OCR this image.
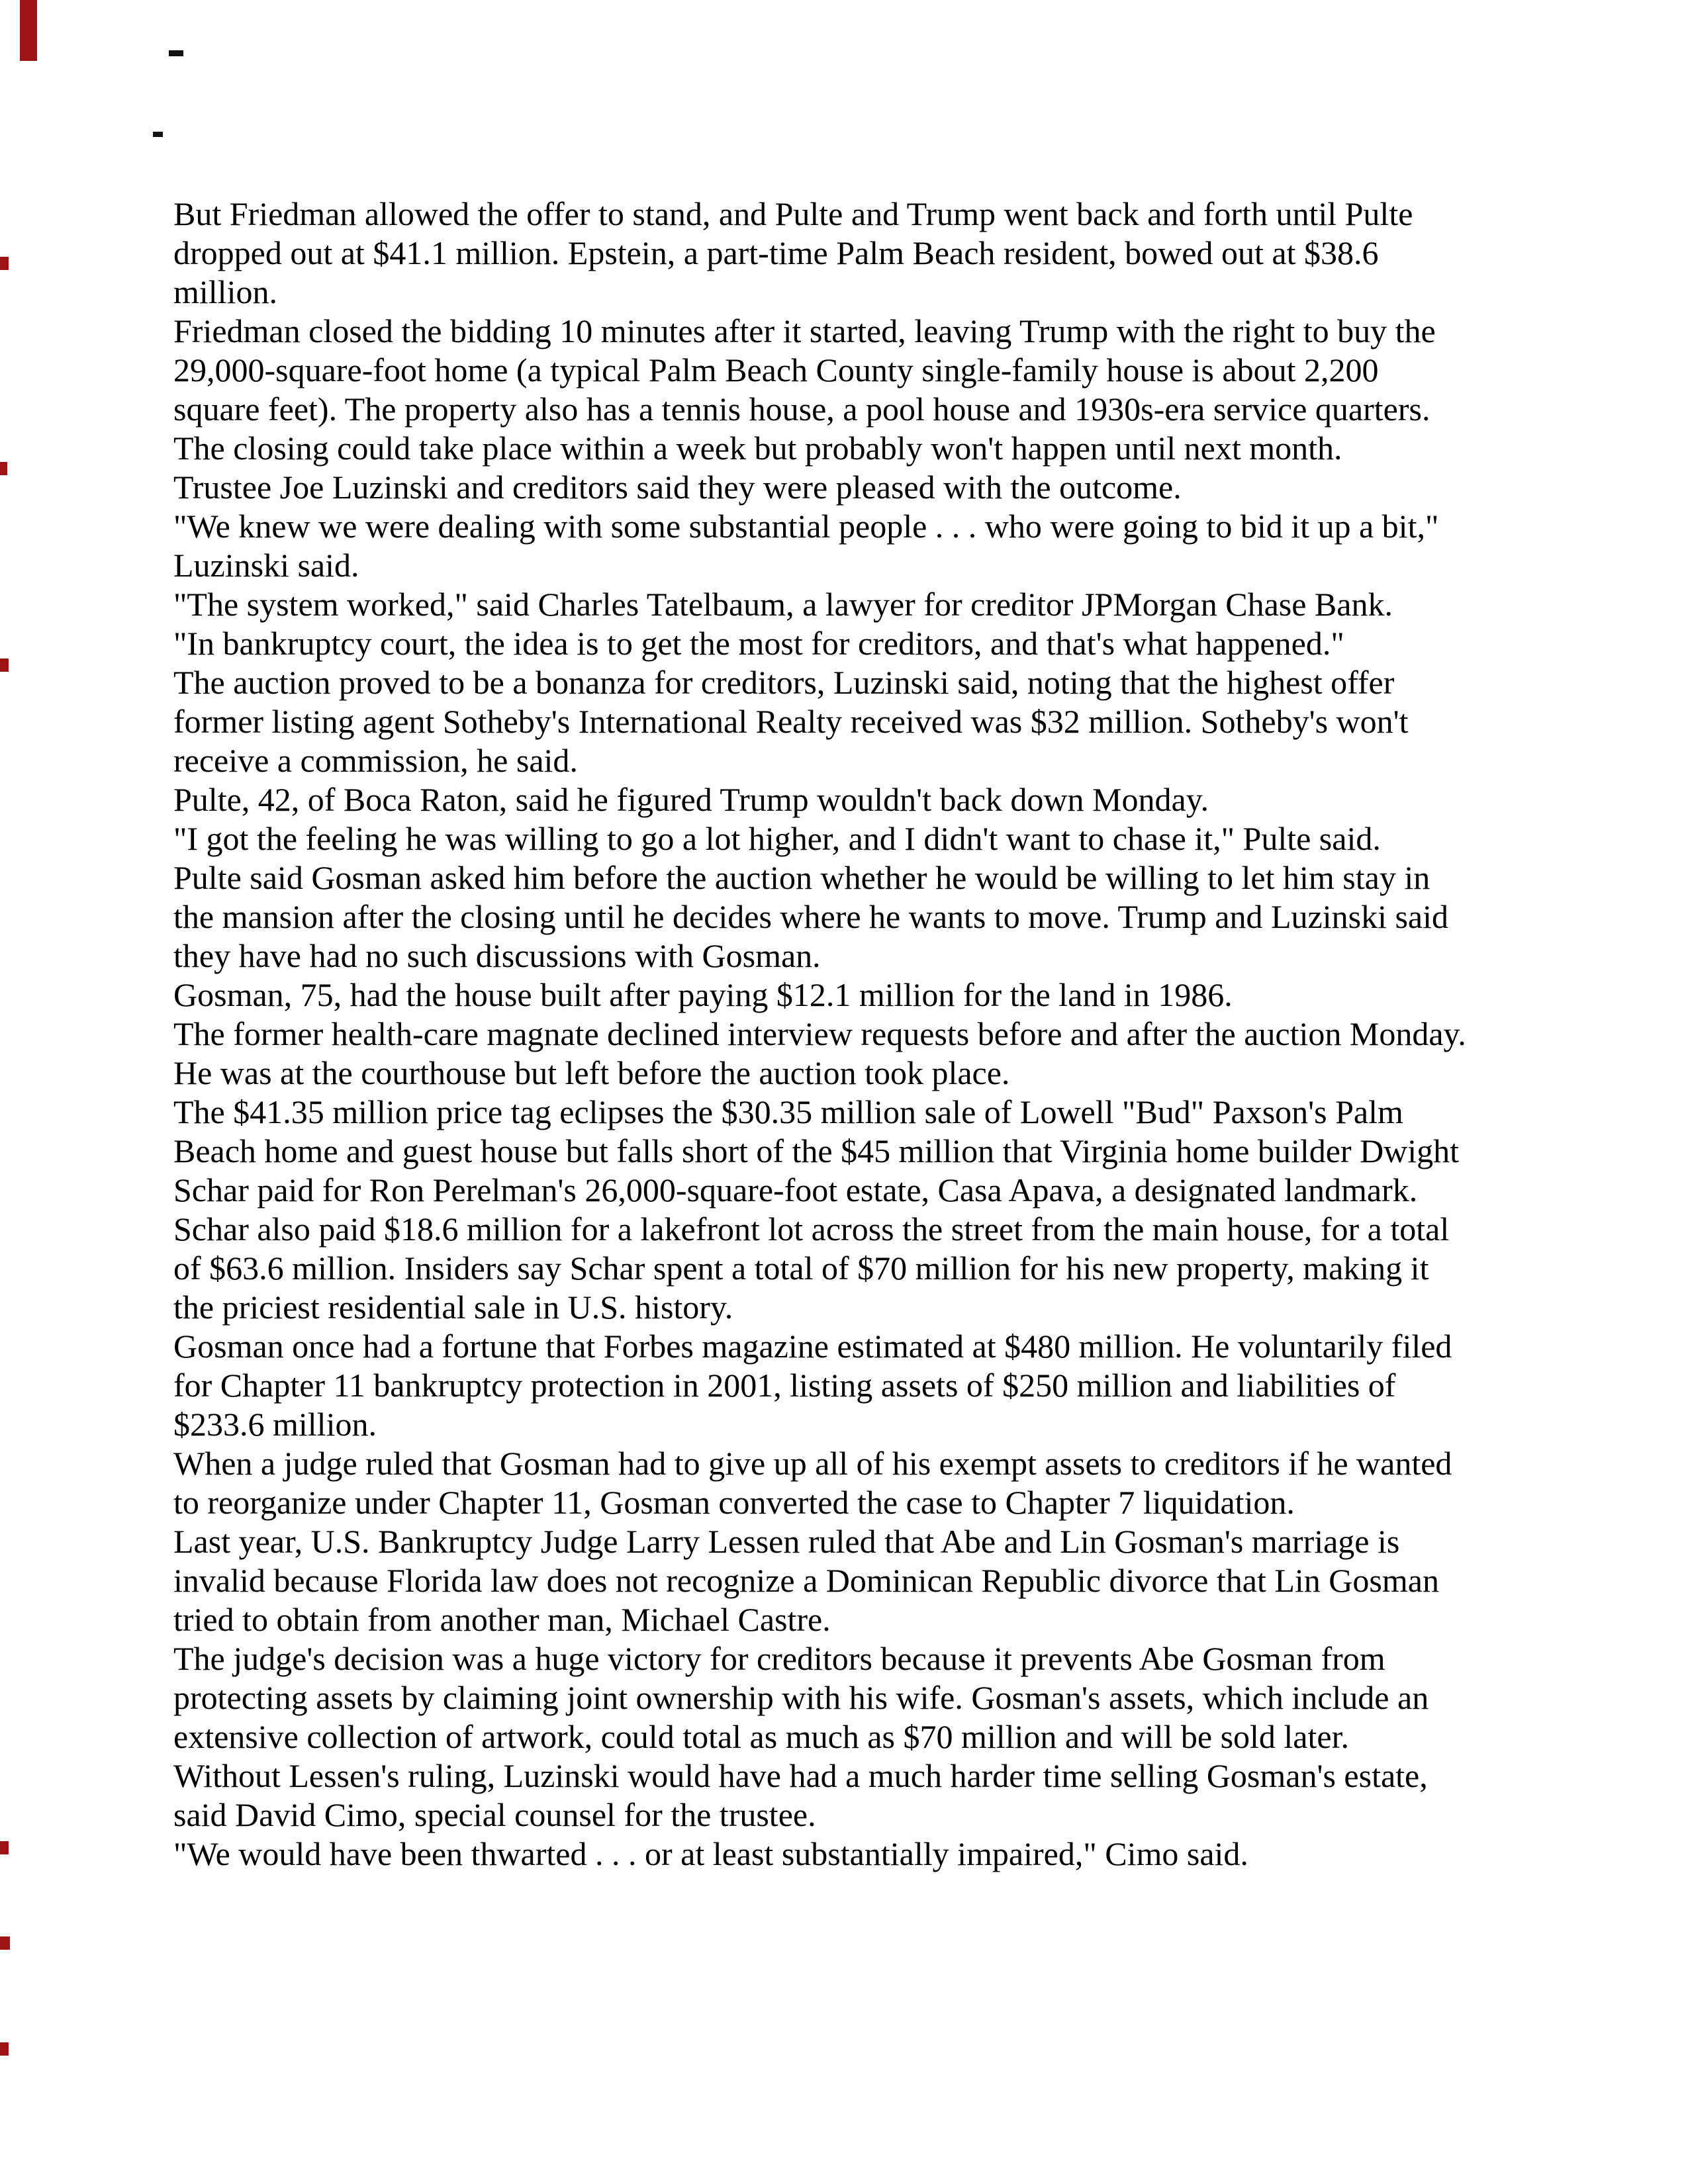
But Friedman allowed the offer to stand, and Pulte and Trump went back and forth until Pulte dropped out at $41.1 million. Epstein, a part-time Palm Beach resident, bowed out at $38.6 million.

Friedman closed the bidding 10 minutes after it started, leaving Trump with the right to buy the 29,000-square-foot home (a typical Palm Beach County single-family house is about 2,200 square feet). The property also has a tennis house, a pool house and 1930s-era service quarters.

The closing could take place within a week but probably won't happen until next month.

Trustee Joe Luzinski and creditors said they were pleased with the outcome.

"We knew we were dealing with some substantial people . . . who were going to bid it up a bit," Luzinski said.

"The system worked," said Charles Tatelbaum, a lawyer for creditor JPMorgan Chase Bank.

"In bankruptcy court, the idea is to get the most for creditors, and that's what happened."

The auction proved to be a bonanza for creditors, Luzinski said, noting that the highest offer former listing agent Sotheby's International Realty received was $32 million. Sotheby's won't receive a commission, he said.

Pulte, 42, of Boca Raton, said he figured Trump wouldn't back down Monday.

"I got the feeling he was willing to go a lot higher, and I didn't want to chase it," Pulte said.

Pulte said Gosman asked him before the auction whether he would be willing to let him stay in the mansion after the closing until he decides where he wants to move. Trump and Luzinski said they have had no such discussions with Gosman.

Gosman, 75, had the house built after paying $12.1 million for the land in 1986.

The former health-care magnate declined interview requests before and after the auction Monday. He was at the courthouse but left before the auction took place.

The $41.35 million price tag eclipses the $30.35 million sale of Lowell "Bud" Paxson's Palm Beach home and guest house but falls short of the $45 million that Virginia home builder Dwight Schar paid for Ron Perelman's 26,000-square-foot estate, Casa Apava, a designated landmark.

Schar also paid $18.6 million for a lakefront lot across the street from the main house, for a total of $63.6 million. Insiders say Schar spent a total of $70 million for his new property, making it the priciest residential sale in U.S. history.

Gosman once had a fortune that Forbes magazine estimated at $480 million. He voluntarily filed for Chapter 11 bankruptcy protection in 2001, listing assets of $250 million and liabilities of $233.6 million.

When a judge ruled that Gosman had to give up all of his exempt assets to creditors if he wanted to reorganize under Chapter 11, Gosman converted the case to Chapter 7 liquidation.

Last year, U.S. Bankruptcy Judge Larry Lessen ruled that Abe and Lin Gosman's marriage is invalid because Florida law does not recognize a Dominican Republic divorce that Lin Gosman tried to obtain from another man, Michael Castre.

The judge's decision was a huge victory for creditors because it prevents Abe Gosman from protecting assets by claiming joint ownership with his wife. Gosman's assets, which include an extensive collection of artwork, could total as much as $70 million and will be sold later.

Without Lessen's ruling, Luzinski would have had a much harder time selling Gosman's estate, said David Cimo, special counsel for the trustee.

"We would have been thwarted . . . or at least substantially impaired," Cimo said.
